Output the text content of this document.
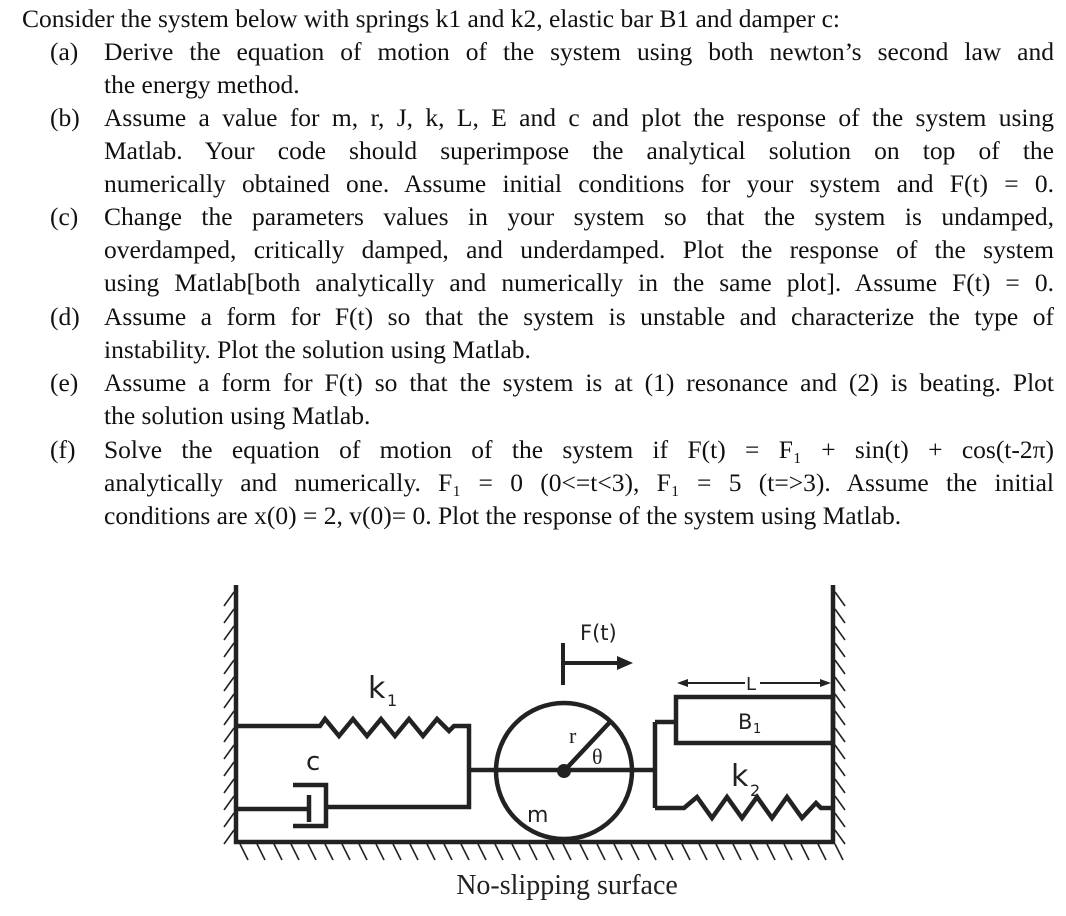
Consider the system below with springs k1 and k2, elastic bar B1 and damper c:
(a) Derive the equation of motion of the system using both newton’s second law and
the energy method.
(b) Assume a value for m, r, J, k, L, E and c and plot the response of the system using
Matlab. Your code should superimpose the analytical solution on top of the
numerically obtained one. Assume initial conditions for your system and F(t) = 0.
(c) Change the parameters values in your system so that the system is undamped,
overdamped, critically damped, and underdamped. Plot the response of the system
using Matlab[both analytically and numerically in the same plot]. Assume F(t) = 0.
(d) Assume a form for F(t) so that the system is unstable and characterize the type of
instability. Plot the solution using Matlab.
(e) Assume a form for F(t) so that the system is at (1) resonance and (2) is beating. Plot
the solution using Matlab.
(f) Solve the equation of motion of the system if F(t) = F₁ + sin(t) + cos(t-2π)
analytically and numerically. F₁ = 0 (0<=t<3), F₁ = 5 (t=>3). Assume the initial
conditions are x(0) = 2, v(0)= 0. Plot the response of the system using Matlab.
F(t)
k 1
c
m
r
θ
L
B 1
k 2
No-slipping surface
